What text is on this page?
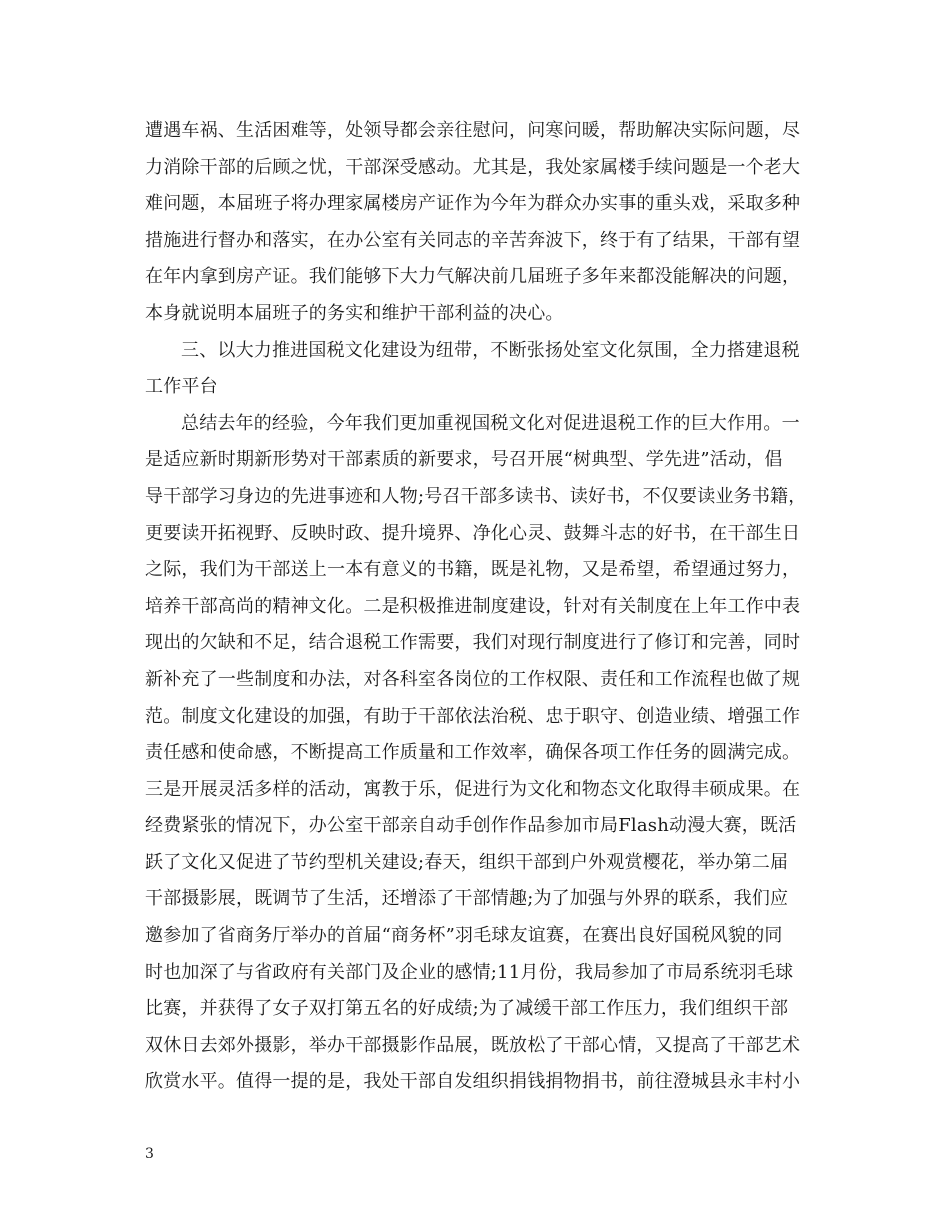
遭遇车祸、生活困难等，处领导都会亲往慰问，问寒问暖，帮助解决实际问题，尽
力消除干部的后顾之忧，干部深受感动。尤其是，我处家属楼手续问题是一个老大
难问题，本届班子将办理家属楼房产证作为今年为群众办实事的重头戏，采取多种
措施进行督办和落实，在办公室有关同志的辛苦奔波下，终于有了结果，干部有望
在年内拿到房产证。我们能够下大力气解决前几届班子多年来都没能解决的问题，
本身就说明本届班子的务实和维护干部利益的决心。
三、以大力推进国税文化建设为纽带，不断张扬处室文化氛围，全力搭建退税
工作平台
总结去年的经验，今年我们更加重视国税文化对促进退税工作的巨大作用。一
是适应新时期新形势对干部素质的新要求，号召开展“树典型、学先进”活动，倡
导干部学习身边的先进事迹和人物;号召干部多读书、读好书，不仅要读业务书籍，
更要读开拓视野、反映时政、提升境界、净化心灵、鼓舞斗志的好书，在干部生日
之际，我们为干部送上一本有意义的书籍，既是礼物，又是希望，希望通过努力，
培养干部高尚的精神文化。二是积极推进制度建设，针对有关制度在上年工作中表
现出的欠缺和不足，结合退税工作需要，我们对现行制度进行了修订和完善，同时
新补充了一些制度和办法，对各科室各岗位的工作权限、责任和工作流程也做了规
范。制度文化建设的加强，有助于干部依法治税、忠于职守、创造业绩、增强工作
责任感和使命感，不断提高工作质量和工作效率，确保各项工作任务的圆满完成。
三是开展灵活多样的活动，寓教于乐，促进行为文化和物态文化取得丰硕成果。在
经费紧张的情况下，办公室干部亲自动手创作作品参加市局Flash动漫大赛，既活
跃了文化又促进了节约型机关建设;春天，组织干部到户外观赏樱花，举办第二届
干部摄影展，既调节了生活，还增添了干部情趣;为了加强与外界的联系，我们应
邀参加了省商务厅举办的首届“商务杯”羽毛球友谊赛，在赛出良好国税风貌的同
时也加深了与省政府有关部门及企业的感情;11月份，我局参加了市局系统羽毛球
比赛，并获得了女子双打第五名的好成绩;为了减缓干部工作压力，我们组织干部
双休日去郊外摄影，举办干部摄影作品展，既放松了干部心情，又提高了干部艺术
欣赏水平。值得一提的是，我处干部自发组织捐钱捐物捐书，前往澄城县永丰村小
3
